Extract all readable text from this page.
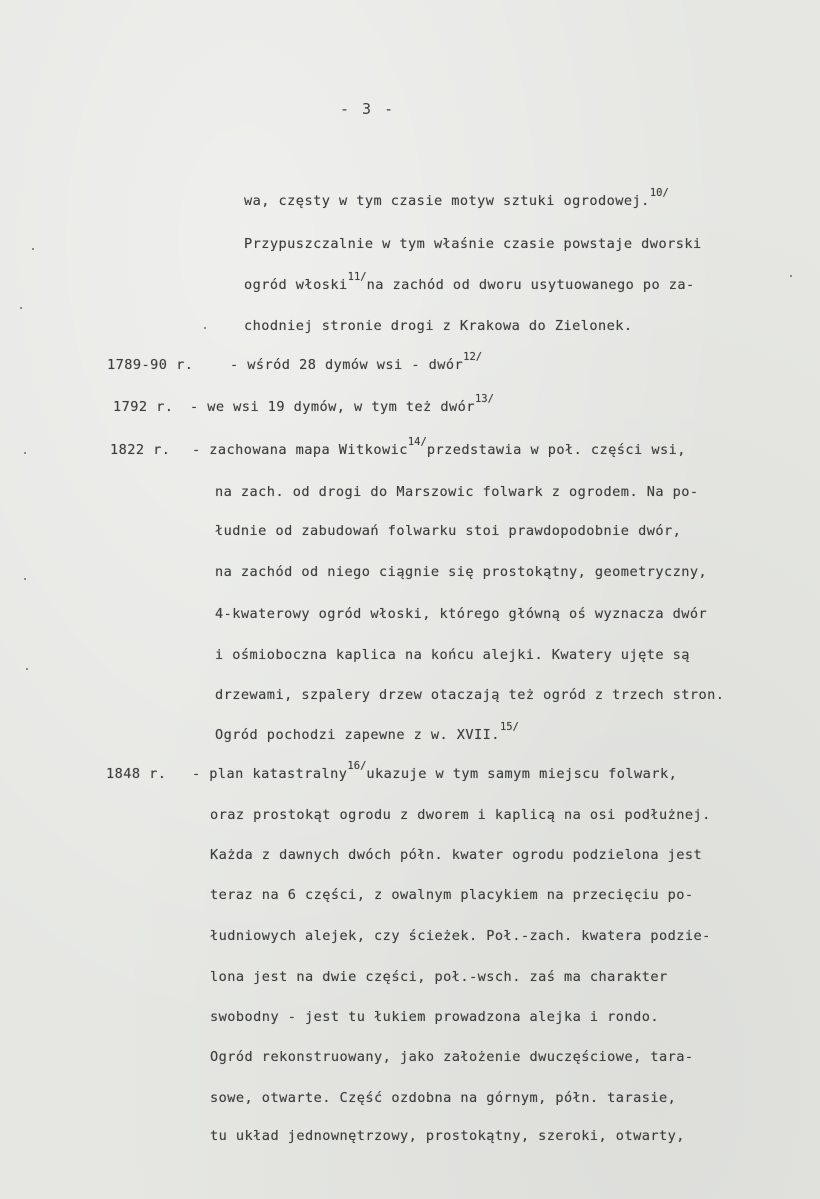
- 3 -
wa, częsty w tym czasie motyw sztuki ogrodowej.$^{10/}$
Przypuszczalnie w tym właśnie czasie powstaje dworski
ogród włoski$^{11/}$na zachód od dworu usytuowanego po za-
chodniej stronie drogi z Krakowa do Zielonek.
1789-90 r.	- wśród 28 dymów wsi - dwór$^{12/}$
1792 r. - we wsi 19 dymów, w tym też dwór$^{13/}$
1822 r. - zachowana mapa Witkowic$^{14/}$przedstawia w poł. części wsi,
na zach. od drogi do Marszowic folwark z ogrodem. Na po-
łudnie od zabudowań folwarku stoi prawdopodobnie dwór,
na zachód od niego ciągnie się prostokątny, geometryczny,
4-kwaterowy ogród włoski, którego główną oś wyznacza dwór
i ośmioboczna kaplica na końcu alejki. Kwatery ujęte są
drzewami, szpalery drzew otaczają też ogród z trzech stron.
Ogród pochodzi zapewne z w. XVII.$^{15/}$
1848 r. - plan katastralny$^{16/}$ukazuje w tym samym miejscu folwark,
oraz prostokąt ogrodu z dworem i kaplicą na osi podłużnej.
Każda z dawnych dwóch półn. kwater ogrodu podzielona jest
teraz na 6 części, z owalnym placykiem na przecięciu po-
łudniowych alejek, czy ścieżek. Poł.-zach. kwatera podzie-
lona jest na dwie części, poł.-wsch. zaś ma charakter
swobodny - jest tu łukiem prowadzona alejka i rondo.
Ogród rekonstruowany, jako założenie dwuczęściowe, tara-
sowe, otwarte. Część ozdobna na górnym, półn. tarasie,
tu układ jednownętrzowy, prostokątny, szeroki, otwarty,
